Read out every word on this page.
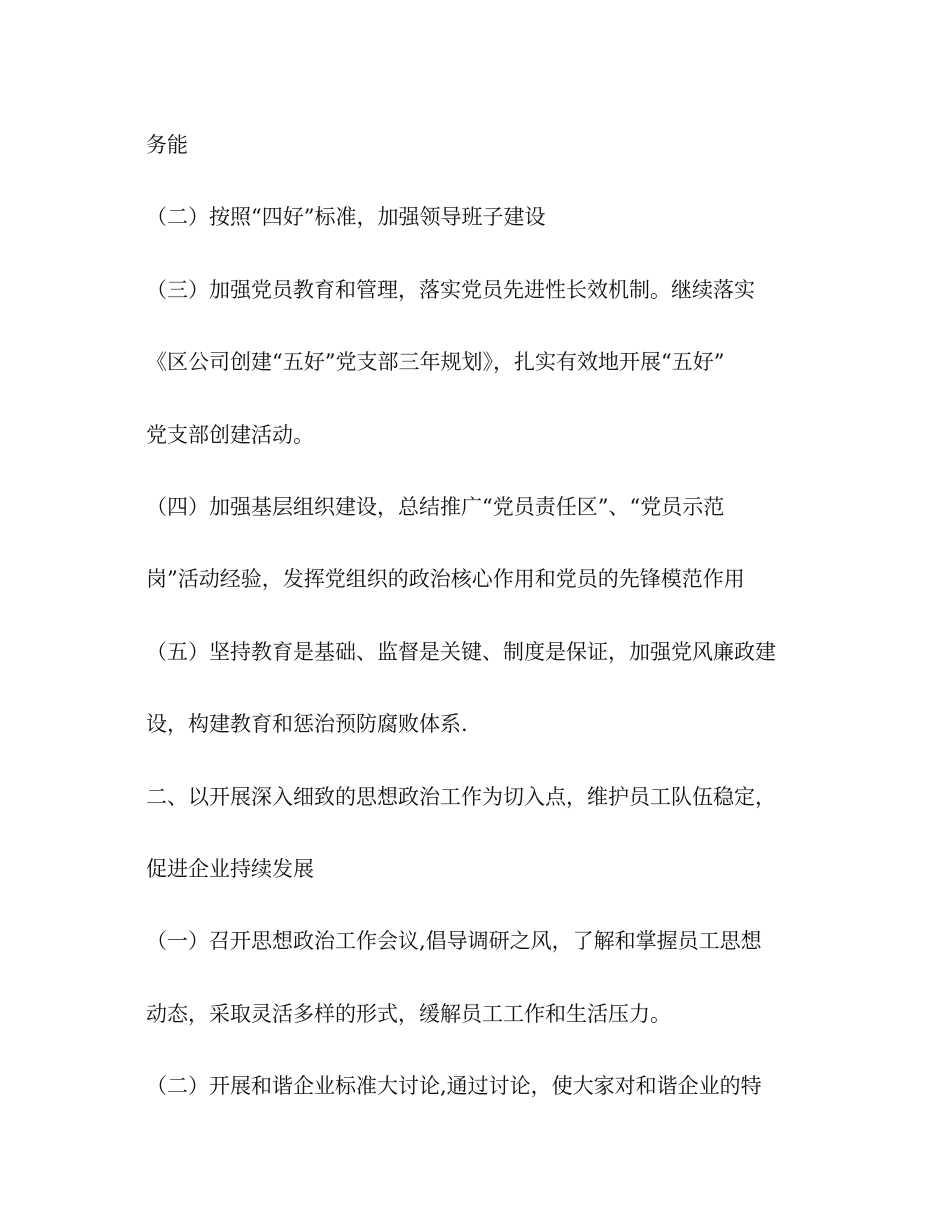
务能
（二）按照“四好”标准，加强领导班子建设
（三）加强党员教育和管理，落实党员先进性长效机制。继续落实
《区公司创建“五好”党支部三年规划》，扎实有效地开展“五好”
党支部创建活动。
（四）加强基层组织建设，总结推广“党员责任区”、“党员示范
岗”活动经验，发挥党组织的政治核心作用和党员的先锋模范作用
（五）坚持教育是基础、监督是关键、制度是保证，加强党风廉政建
设，构建教育和惩治预防腐败体系.
二、以开展深入细致的思想政治工作为切入点，维护员工队伍稳定，
促进企业持续发展
（一）召开思想政治工作会议,倡导调研之风，了解和掌握员工思想
动态，采取灵活多样的形式，缓解员工工作和生活压力。
（二）开展和谐企业标准大讨论,通过讨论，使大家对和谐企业的特
